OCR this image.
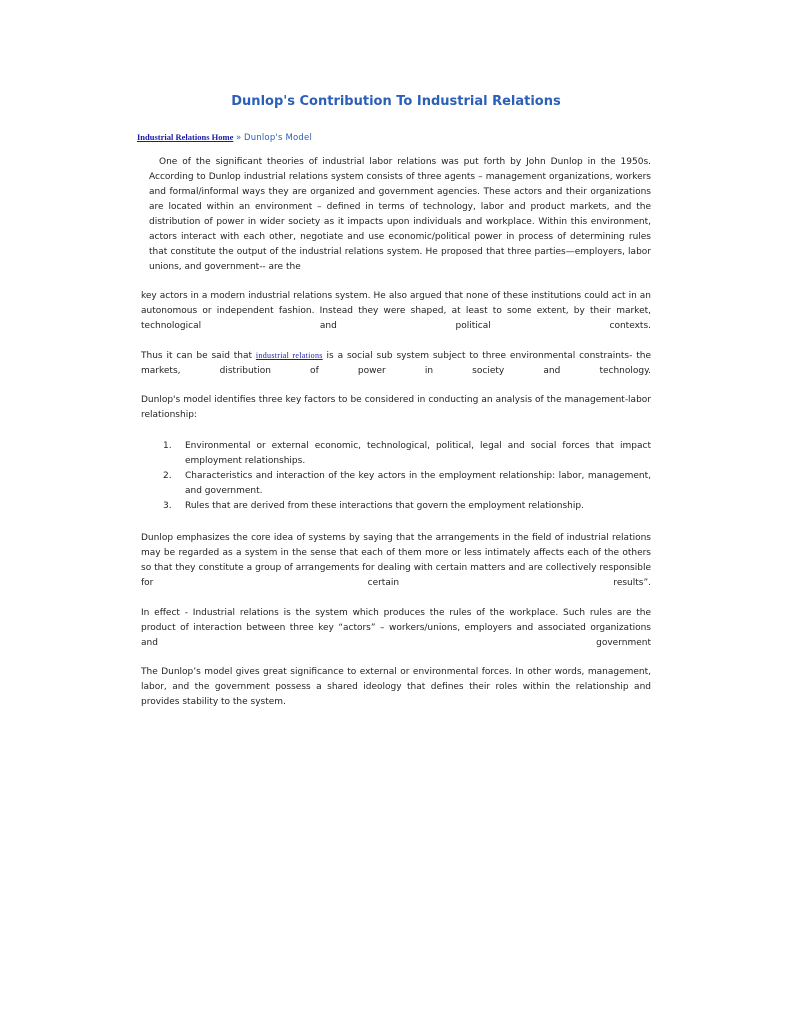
Dunlop's Contribution To Industrial Relations
Industrial Relations Home » Dunlop's Model

One of the significant theories of industrial labor relations was put forth by John Dunlop in the 1950s. According to Dunlop industrial relations system consists of three agents – management organizations, workers and formal/informal ways they are organized and government agencies. These actors and their organizations are located within an environment – defined in terms of technology, labor and product markets, and the distribution of power in wider society as it impacts upon individuals and workplace. Within this environment, actors interact with each other, negotiate and use economic/political power in process of determining rules that constitute the output of the industrial relations system. He proposed that three parties—employers, labor unions, and government-- are the

key actors in a modern industrial relations system. He also argued that none of these institutions could act in an autonomous or independent fashion. Instead they were shaped, at least to some extent, by their market, technological and political contexts.

Thus it can be said that industrial relations is a social sub system subject to three environmental constraints- the markets, distribution of power in society and technology.

Dunlop's model identifies three key factors to be considered in conducting an analysis of the management-labor relationship:

1. Environmental or external economic, technological, political, legal and social forces that impact employment relationships.
2. Characteristics and interaction of the key actors in the employment relationship: labor, management, and government.
3. Rules that are derived from these interactions that govern the employment relationship.

Dunlop emphasizes the core idea of systems by saying that the arrangements in the field of industrial relations may be regarded as a system in the sense that each of them more or less intimately affects each of the others so that they constitute a group of arrangements for dealing with certain matters and are collectively responsible for certain results”.

In effect - Industrial relations is the system which produces the rules of the workplace. Such rules are the product of interaction between three key “actors” – workers/unions, employers and associated organizations and government

The Dunlop’s model gives great significance to external or environmental forces. In other words, management, labor, and the government possess a shared ideology that defines their roles within the relationship and provides stability to the system.
